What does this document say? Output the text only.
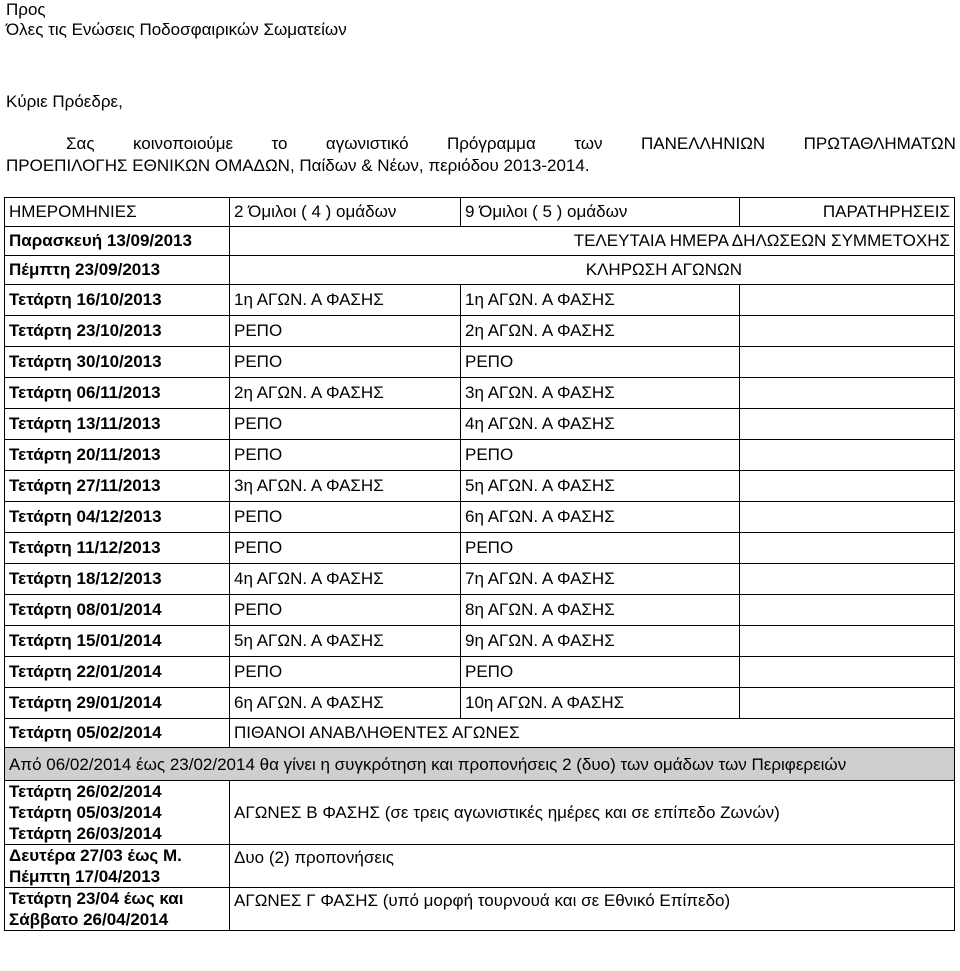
Προς
Όλες τις Ενώσεις Ποδοσφαιρικών Σωματείων
Κύριε Πρόεδρε,
Σας κοινοποιούμε το αγωνιστικό Πρόγραμμα των ΠΑΝΕΛΛΗΝΙΩΝ ΠΡΩΤΑΘΛΗΜΑΤΩΝ
ΠΡΟΕΠΙΛΟΓΗΣ ΕΘΝΙΚΩΝ ΟΜΑΔΩΝ, Παίδων & Νέων, περιόδου 2013-2014.
ΗΜΕΡΟΜΗΝΙΕΣ	2 Όμιλοι ( 4 ) ομάδων	9 Όμιλοι ( 5 ) ομάδων	ΠΑΡΑΤΗΡΗΣΕΙΣ
Παρασκευή 13/09/2013	ΤΕΛΕΥΤΑΙΑ ΗΜΕΡΑ ΔΗΛΩΣΕΩΝ ΣΥΜΜΕΤΟΧΗΣ		
Πέμπτη 23/09/2013	ΚΛΗΡΩΣΗ ΑΓΩΝΩΝ		
Τετάρτη 16/10/2013	1η ΑΓΩΝ. Α ΦΑΣΗΣ	1η ΑΓΩΝ. Α ΦΑΣΗΣ	
Τετάρτη 23/10/2013	ΡΕΠΟ	2η ΑΓΩΝ. Α ΦΑΣΗΣ	
Τετάρτη 30/10/2013	ΡΕΠΟ	ΡΕΠΟ	
Τετάρτη 06/11/2013	2η ΑΓΩΝ. Α ΦΑΣΗΣ	3η ΑΓΩΝ. Α ΦΑΣΗΣ	
Τετάρτη 13/11/2013	ΡΕΠΟ	4η ΑΓΩΝ. Α ΦΑΣΗΣ	
Τετάρτη 20/11/2013	ΡΕΠΟ	ΡΕΠΟ	
Τετάρτη 27/11/2013	3η ΑΓΩΝ. Α ΦΑΣΗΣ	5η ΑΓΩΝ. Α ΦΑΣΗΣ	
Τετάρτη 04/12/2013	ΡΕΠΟ	6η ΑΓΩΝ. Α ΦΑΣΗΣ	
Τετάρτη 11/12/2013	ΡΕΠΟ	ΡΕΠΟ	
Τετάρτη 18/12/2013	4η ΑΓΩΝ. Α ΦΑΣΗΣ	7η ΑΓΩΝ. Α ΦΑΣΗΣ	
Τετάρτη 08/01/2014	ΡΕΠΟ	8η ΑΓΩΝ. Α ΦΑΣΗΣ	
Τετάρτη 15/01/2014	5η ΑΓΩΝ. Α ΦΑΣΗΣ	9η ΑΓΩΝ. Α ΦΑΣΗΣ	
Τετάρτη 22/01/2014	ΡΕΠΟ	ΡΕΠΟ	
Τετάρτη 29/01/2014	6η ΑΓΩΝ. Α ΦΑΣΗΣ	10η ΑΓΩΝ. Α ΦΑΣΗΣ	
Τετάρτη 05/02/2014	ΠΙΘΑΝΟΙ ΑΝΑΒΛΗΘΕΝΤΕΣ ΑΓΩΝΕΣ		
Από 06/02/2014 έως 23/02/2014 θα γίνει η συγκρότηση και προπονήσεις 2 (δυο) των ομάδων των Περιφερειών			

Τετάρτη 26/02/2014
Τετάρτη 05/03/2014
Τετάρτη 26/03/2014	ΑΓΩΝΕΣ Β ΦΑΣΗΣ (σε τρεις αγωνιστικές ημέρες και σε επίπεδο Ζωνών)		

Δευτέρα 27/03 έως Μ.
Πέμπτη 17/04/2013	Δυο (2) προπονήσεις		

Τετάρτη 23/04 έως και
Σάββατο 26/04/2014	ΑΓΩΝΕΣ Γ ΦΑΣΗΣ (υπό μορφή τουρνουά και σε Εθνικό Επίπεδο)		
